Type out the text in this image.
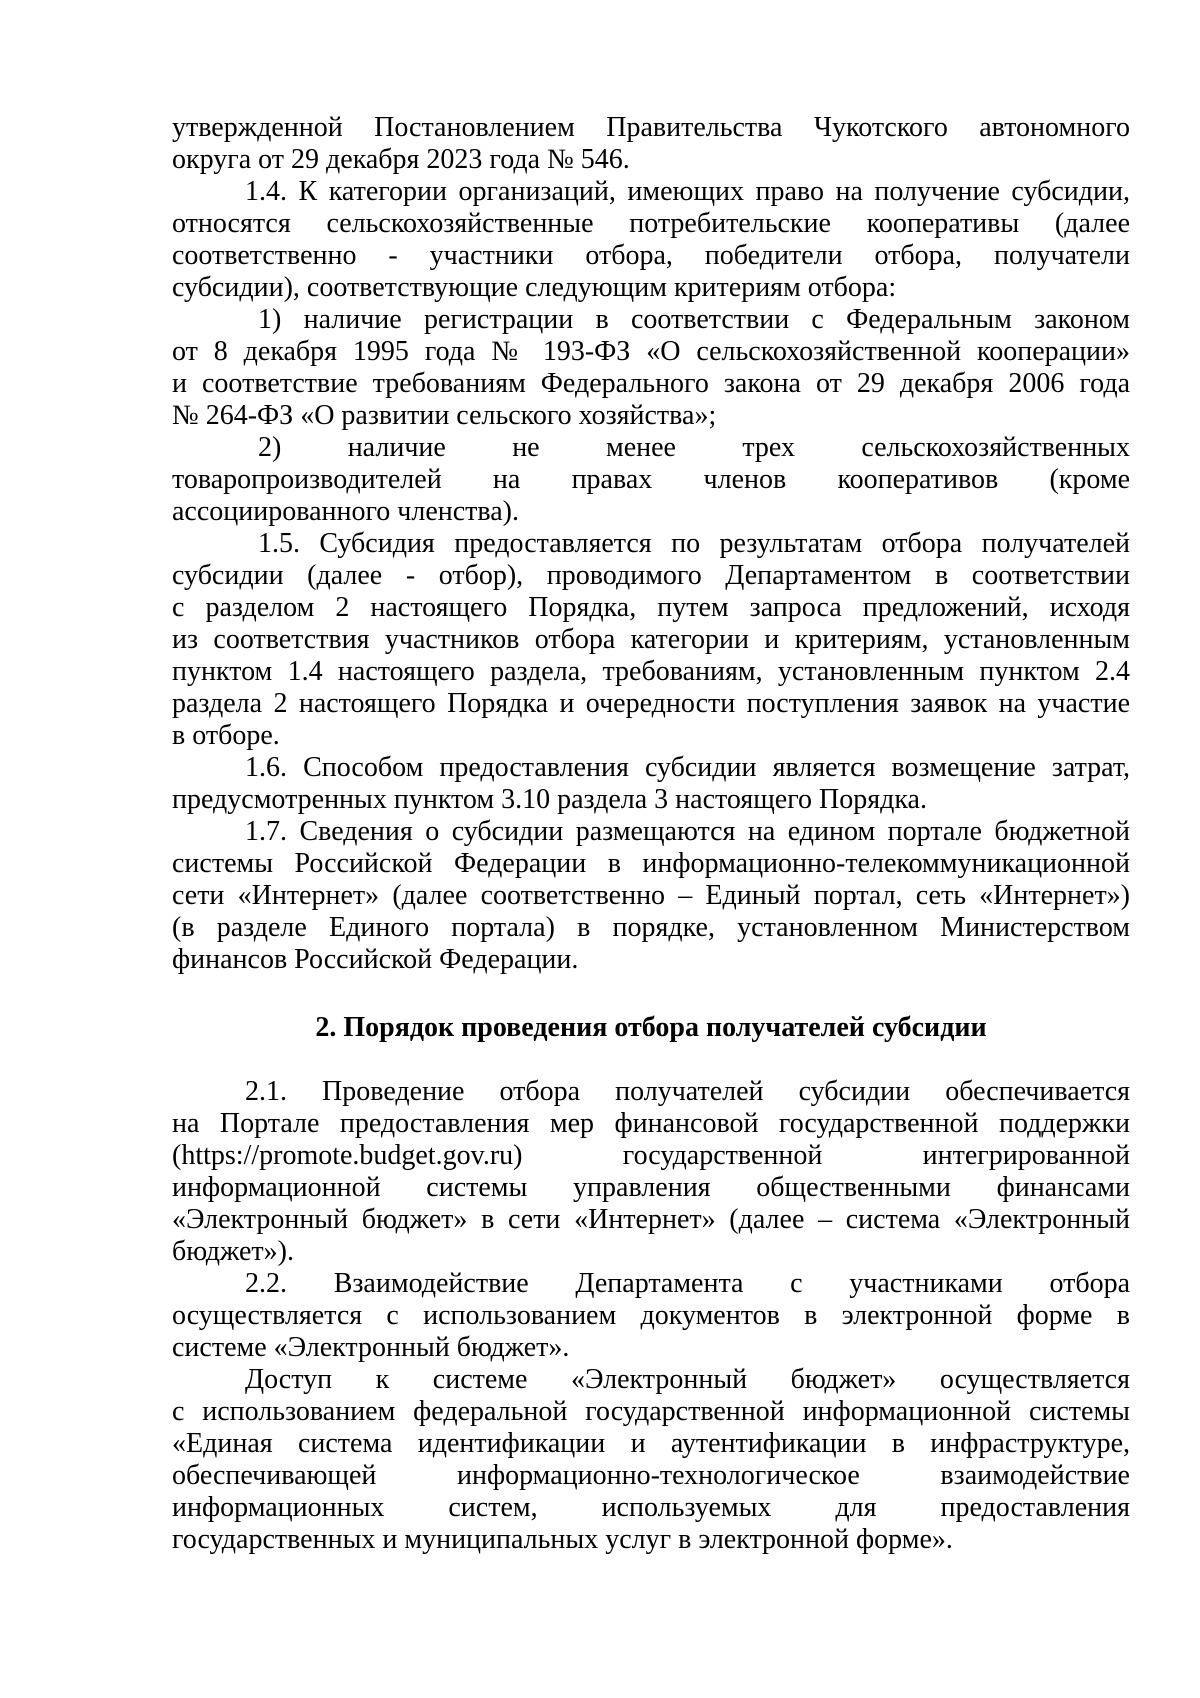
утвержденной Постановлением Правительства Чукотского автономного
округа от 29 декабря 2023 года № 546.
1.4. К категории организаций, имеющих право на получение субсидии,
относятся сельскохозяйственные потребительские кооперативы (далее
соответственно - участники отбора, победители отбора, получатели
субсидии), соответствующие следующим критериям отбора:
1) наличие регистрации в соответствии с Федеральным законом
от 8 декабря 1995 года № 193-ФЗ «О сельскохозяйственной кооперации»
и соответствие требованиям Федерального закона от 29 декабря 2006 года
№ 264-ФЗ «О развитии сельского хозяйства»;
2) наличие не менее трех сельскохозяйственных
товаропроизводителей на правах членов кооперативов (кроме
ассоциированного членства).
1.5. Субсидия предоставляется по результатам отбора получателей
субсидии (далее - отбор), проводимого Департаментом в соответствии
с разделом 2 настоящего Порядка, путем запроса предложений, исходя
из соответствия участников отбора категории и критериям, установленным
пунктом 1.4 настоящего раздела, требованиям, установленным пунктом 2.4
раздела 2 настоящего Порядка и очередности поступления заявок на участие
в отборе.
1.6. Способом предоставления субсидии является возмещение затрат,
предусмотренных пунктом 3.10 раздела 3 настоящего Порядка.
1.7. Сведения о субсидии размещаются на едином портале бюджетной
системы Российской Федерации в информационно-телекоммуникационной
сети «Интернет» (далее соответственно – Единый портал, сеть «Интернет»)
(в разделе Единого портала) в порядке, установленном Министерством
финансов Российской Федерации.
2. Порядок проведения отбора получателей субсидии
2.1. Проведение отбора получателей субсидии обеспечивается
на Портале предоставления мер финансовой государственной поддержки
(https://promote.budget.gov.ru) государственной интегрированной
информационной системы управления общественными финансами
«Электронный бюджет» в сети «Интернет» (далее – система «Электронный
бюджет»).
2.2. Взаимодействие Департамента с участниками отбора
осуществляется с использованием документов в электронной форме в
системе «Электронный бюджет».
Доступ к системе «Электронный бюджет» осуществляется
с использованием федеральной государственной информационной системы
«Единая система идентификации и аутентификации в инфраструктуре,
обеспечивающей информационно-технологическое взаимодействие
информационных систем, используемых для предоставления
государственных и муниципальных услуг в электронной форме».
